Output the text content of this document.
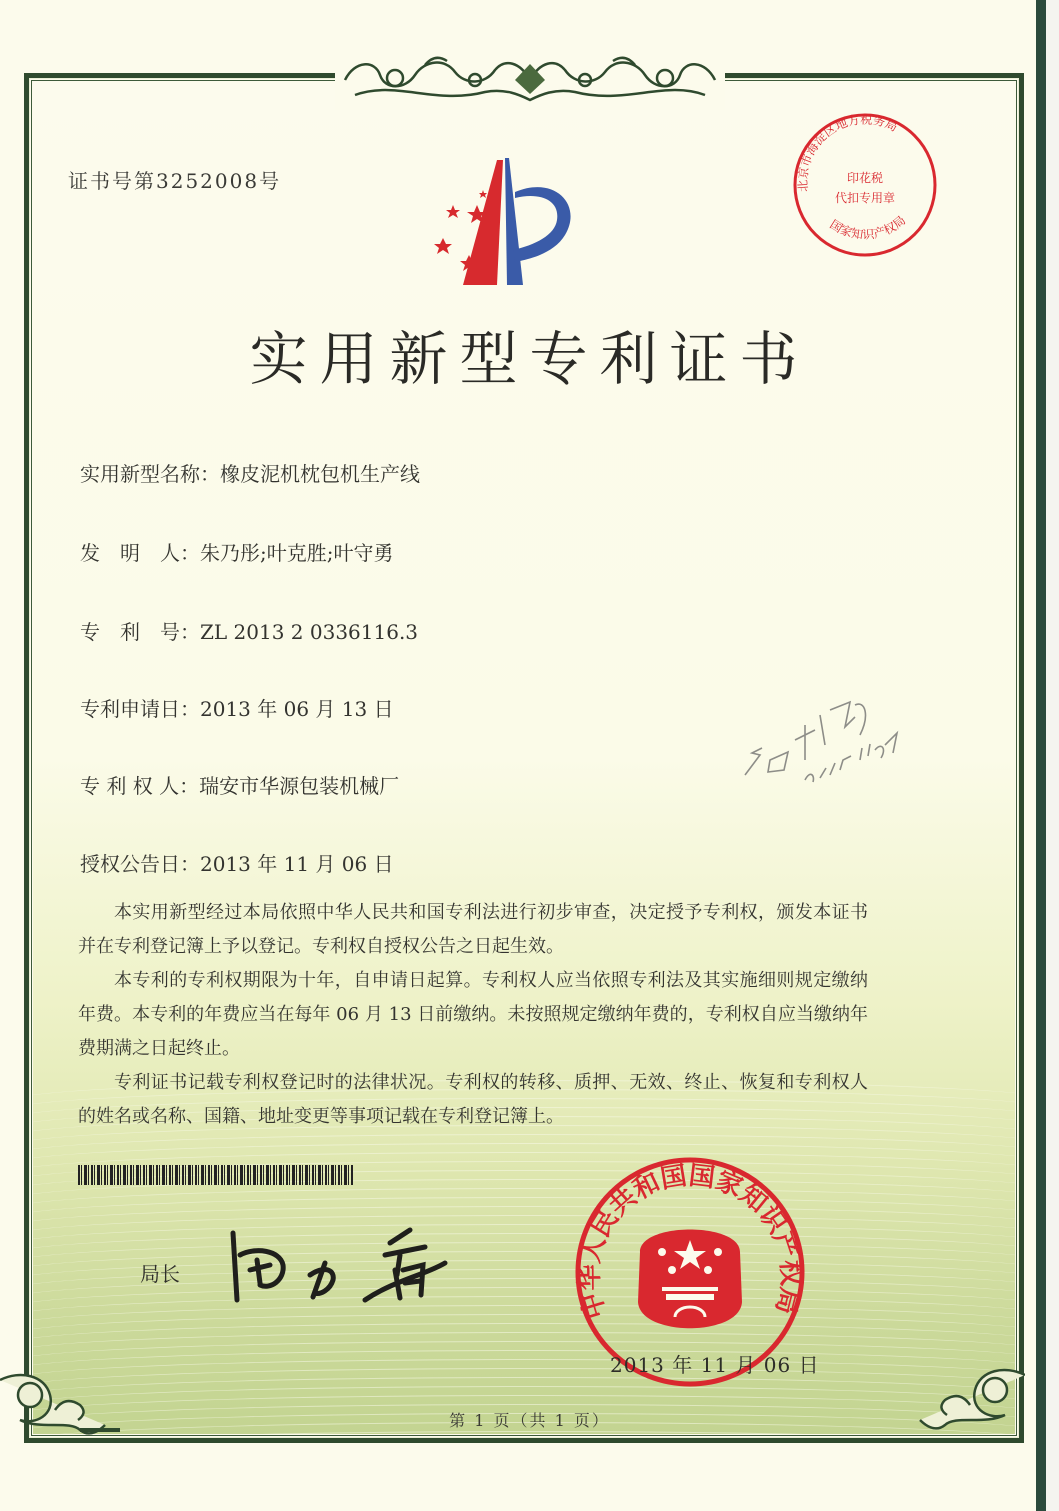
证书号第3252008号	北京市海淀区地方税务局
国家知识产权局
印花税
代扣专用章
实用新型专利证书
实用新型名称：橡皮泥机枕包机生产线
发　明　人：朱乃彤;叶克胜;叶守勇
专　利　号：ZL 2013 2 0336116.3
专利申请日：2013 年 06 月 13 日
专 利 权 人：瑞安市华源包装机械厂
授权公告日：2013 年 11 月 06 日

本实用新型经过本局依照中华人民共和国专利法进行初步审查，决定授予专利权，颁发本证书并在专利登记簿上予以登记。专利权自授权公告之日起生效。

本专利的专利权期限为十年，自申请日起算。专利权人应当依照专利法及其实施细则规定缴纳年费。本专利的年费应当在每年 06 月 13 日前缴纳。未按照规定缴纳年费的，专利权自应当缴纳年费期满之日起终止。

专利证书记载专利权登记时的法律状况。专利权的转移、质押、无效、终止、恢复和专利权人的姓名或名称、国籍、地址变更等事项记载在专利登记簿上。

局长
中华人民共和国国家知识产权局
2013 年 11 月 06 日
第 1 页（共 1 页）
